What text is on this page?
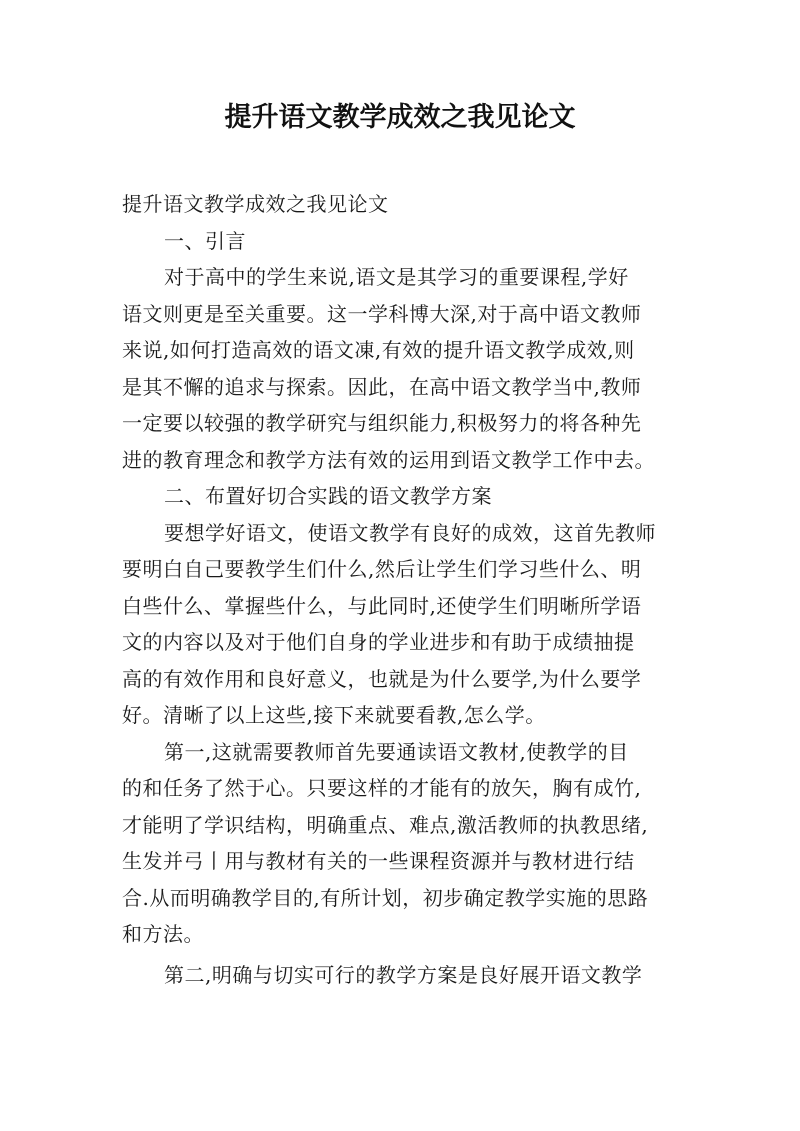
提升语文教学成效之我见论文
提升语文教学成效之我见论文
一、引言
对于高中的学生来说,语文是其学习的重要课程,学好
语文则更是至关重要。这一学科博大深,对于高中语文教师
来说,如何打造高效的语文凍,有效的提升语文教学成效,则
是其不懈的追求与探索。因此，在高中语文教学当中,教师
一定要以较强的教学研究与组织能力,积极努力的将各种先
进的教育理念和教学方法有效的运用到语文教学工作中去。
二、布置好切合实践的语文教学方案
要想学好语文，使语文教学有良好的成效，这首先教师
要明白自己要教学生们什么,然后让学生们学习些什么、明
白些什么、掌握些什么，与此同时,还使学生们明晰所学语
文的内容以及对于他们自身的学业进步和有助于成绩抽提
高的有效作用和良好意义，也就是为什么要学,为什么要学
好。清晰了以上这些,接下来就要看教,怎么学。
第一,这就需要教师首先要通读语文教材,使教学的目
的和任务了然于心。只要这样的才能有的放矢，胸有成竹,
才能明了学识结构，明确重点、难点,激活教师的执教思绪,
生发并弓丨用与教材有关的一些课程资源并与教材进行结
合.从而明确教学目的,有所计划，初步确定教学实施的思路
和方法。
第二,明确与切实可行的教学方案是良好展开语文教学
